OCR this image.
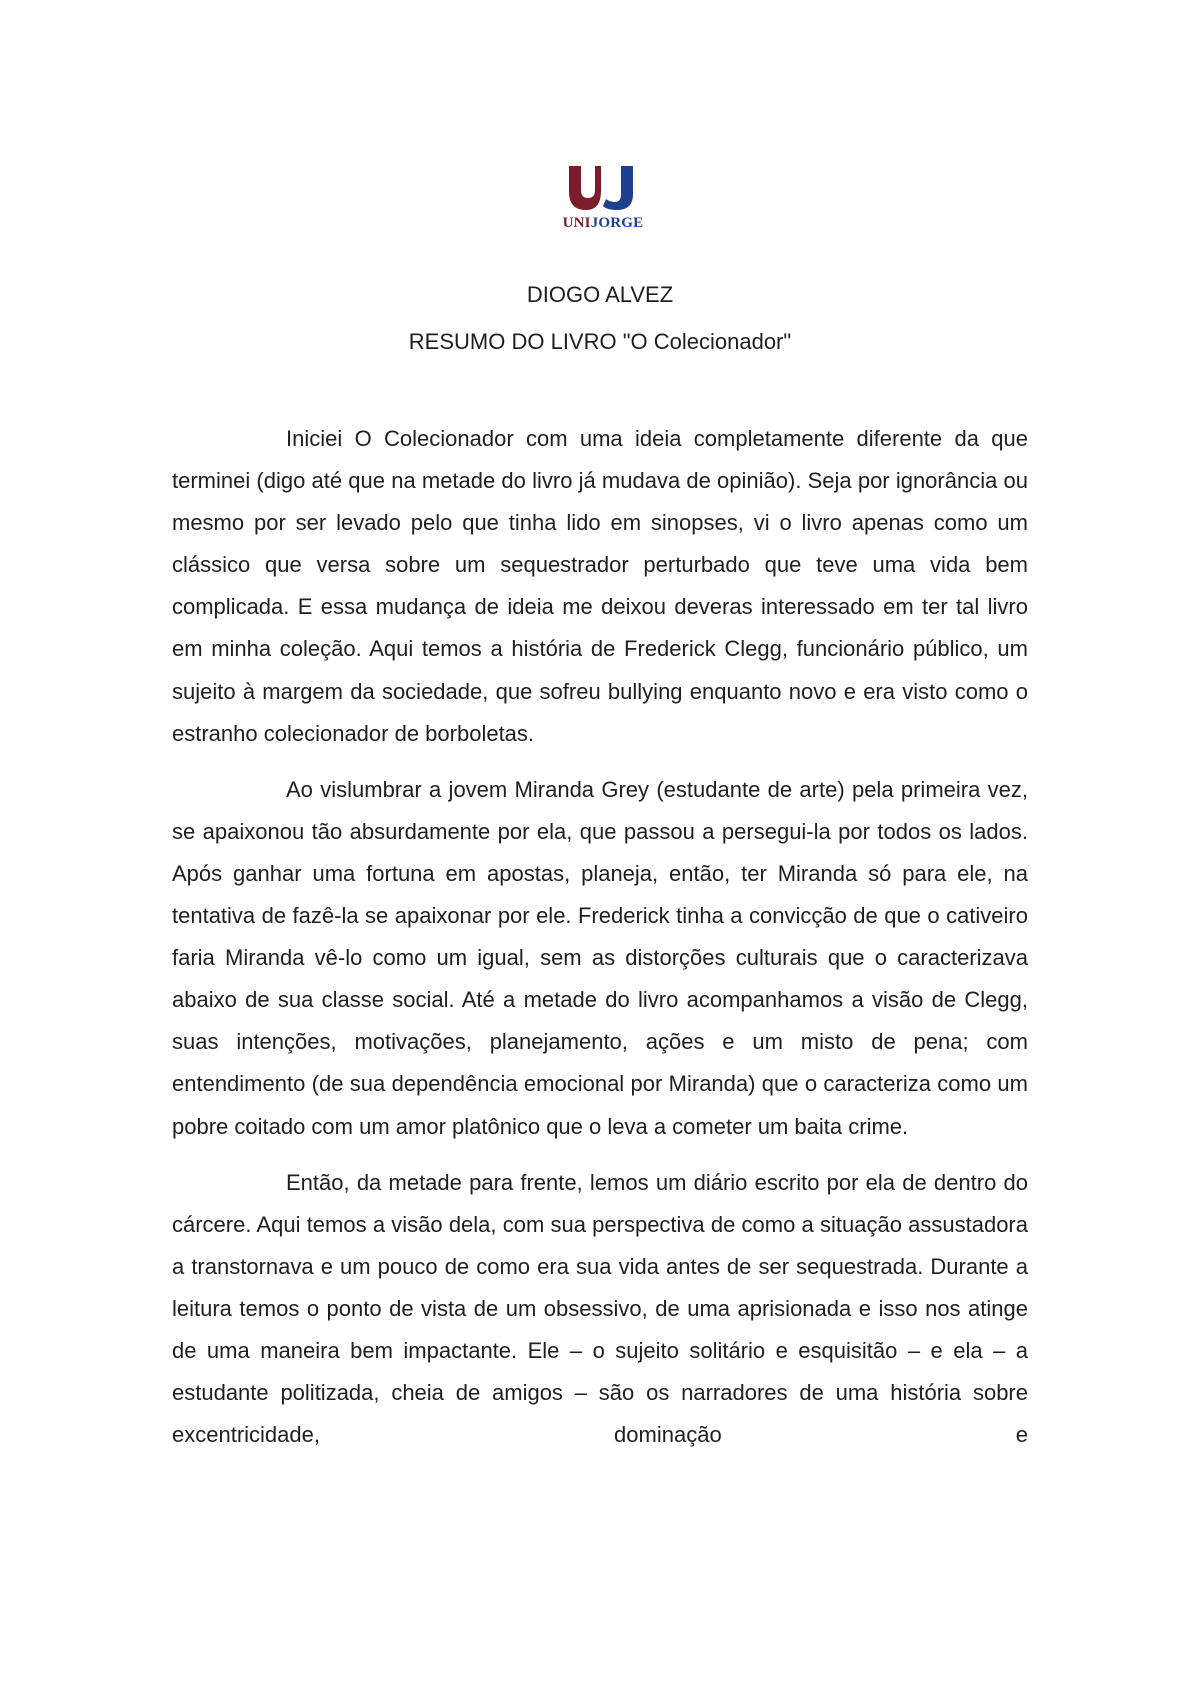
UNIJORGE
DIOGO ALVEZ
RESUMO DO LIVRO "O Colecionador"

Iniciei O Colecionador com uma ideia completamente diferente da que terminei (digo até que na metade do livro já mudava de opinião). Seja por ignorância ou mesmo por ser levado pelo que tinha lido em sinopses, vi o livro apenas como um clássico que versa sobre um sequestrador perturbado que teve uma vida bem complicada. E essa mudança de ideia me deixou deveras interessado em ter tal livro em minha coleção. Aqui temos a história de Frederick Clegg, funcionário público, um sujeito à margem da sociedade, que sofreu bullying enquanto novo e era visto como o estranho colecionador de borboletas.

Ao vislumbrar a jovem Miranda Grey (estudante de arte) pela primeira vez, se apaixonou tão absurdamente por ela, que passou a persegui-la por todos os lados. Após ganhar uma fortuna em apostas, planeja, então, ter Miranda só para ele, na tentativa de fazê-la se apaixonar por ele. Frederick tinha a convicção de que o cativeiro faria Miranda vê-lo como um igual, sem as distorções culturais que o caracterizava abaixo de sua classe social. Até a metade do livro acompanhamos a visão de Clegg, suas intenções, motivações, planejamento, ações e um misto de pena; com entendimento (de sua dependência emocional por Miranda) que o caracteriza como um pobre coitado com um amor platônico que o leva a cometer um baita crime.

Então, da metade para frente, lemos um diário escrito por ela de dentro do cárcere. Aqui temos a visão dela, com sua perspectiva de como a situação assustadora a transtornava e um pouco de como era sua vida antes de ser sequestrada. Durante a leitura temos o ponto de vista de um obsessivo, de uma aprisionada e isso nos atinge de uma maneira bem impactante. Ele – o sujeito solitário e esquisitão – e ela – a estudante politizada, cheia de amigos – são os narradores de uma história sobre excentricidade, dominação e
